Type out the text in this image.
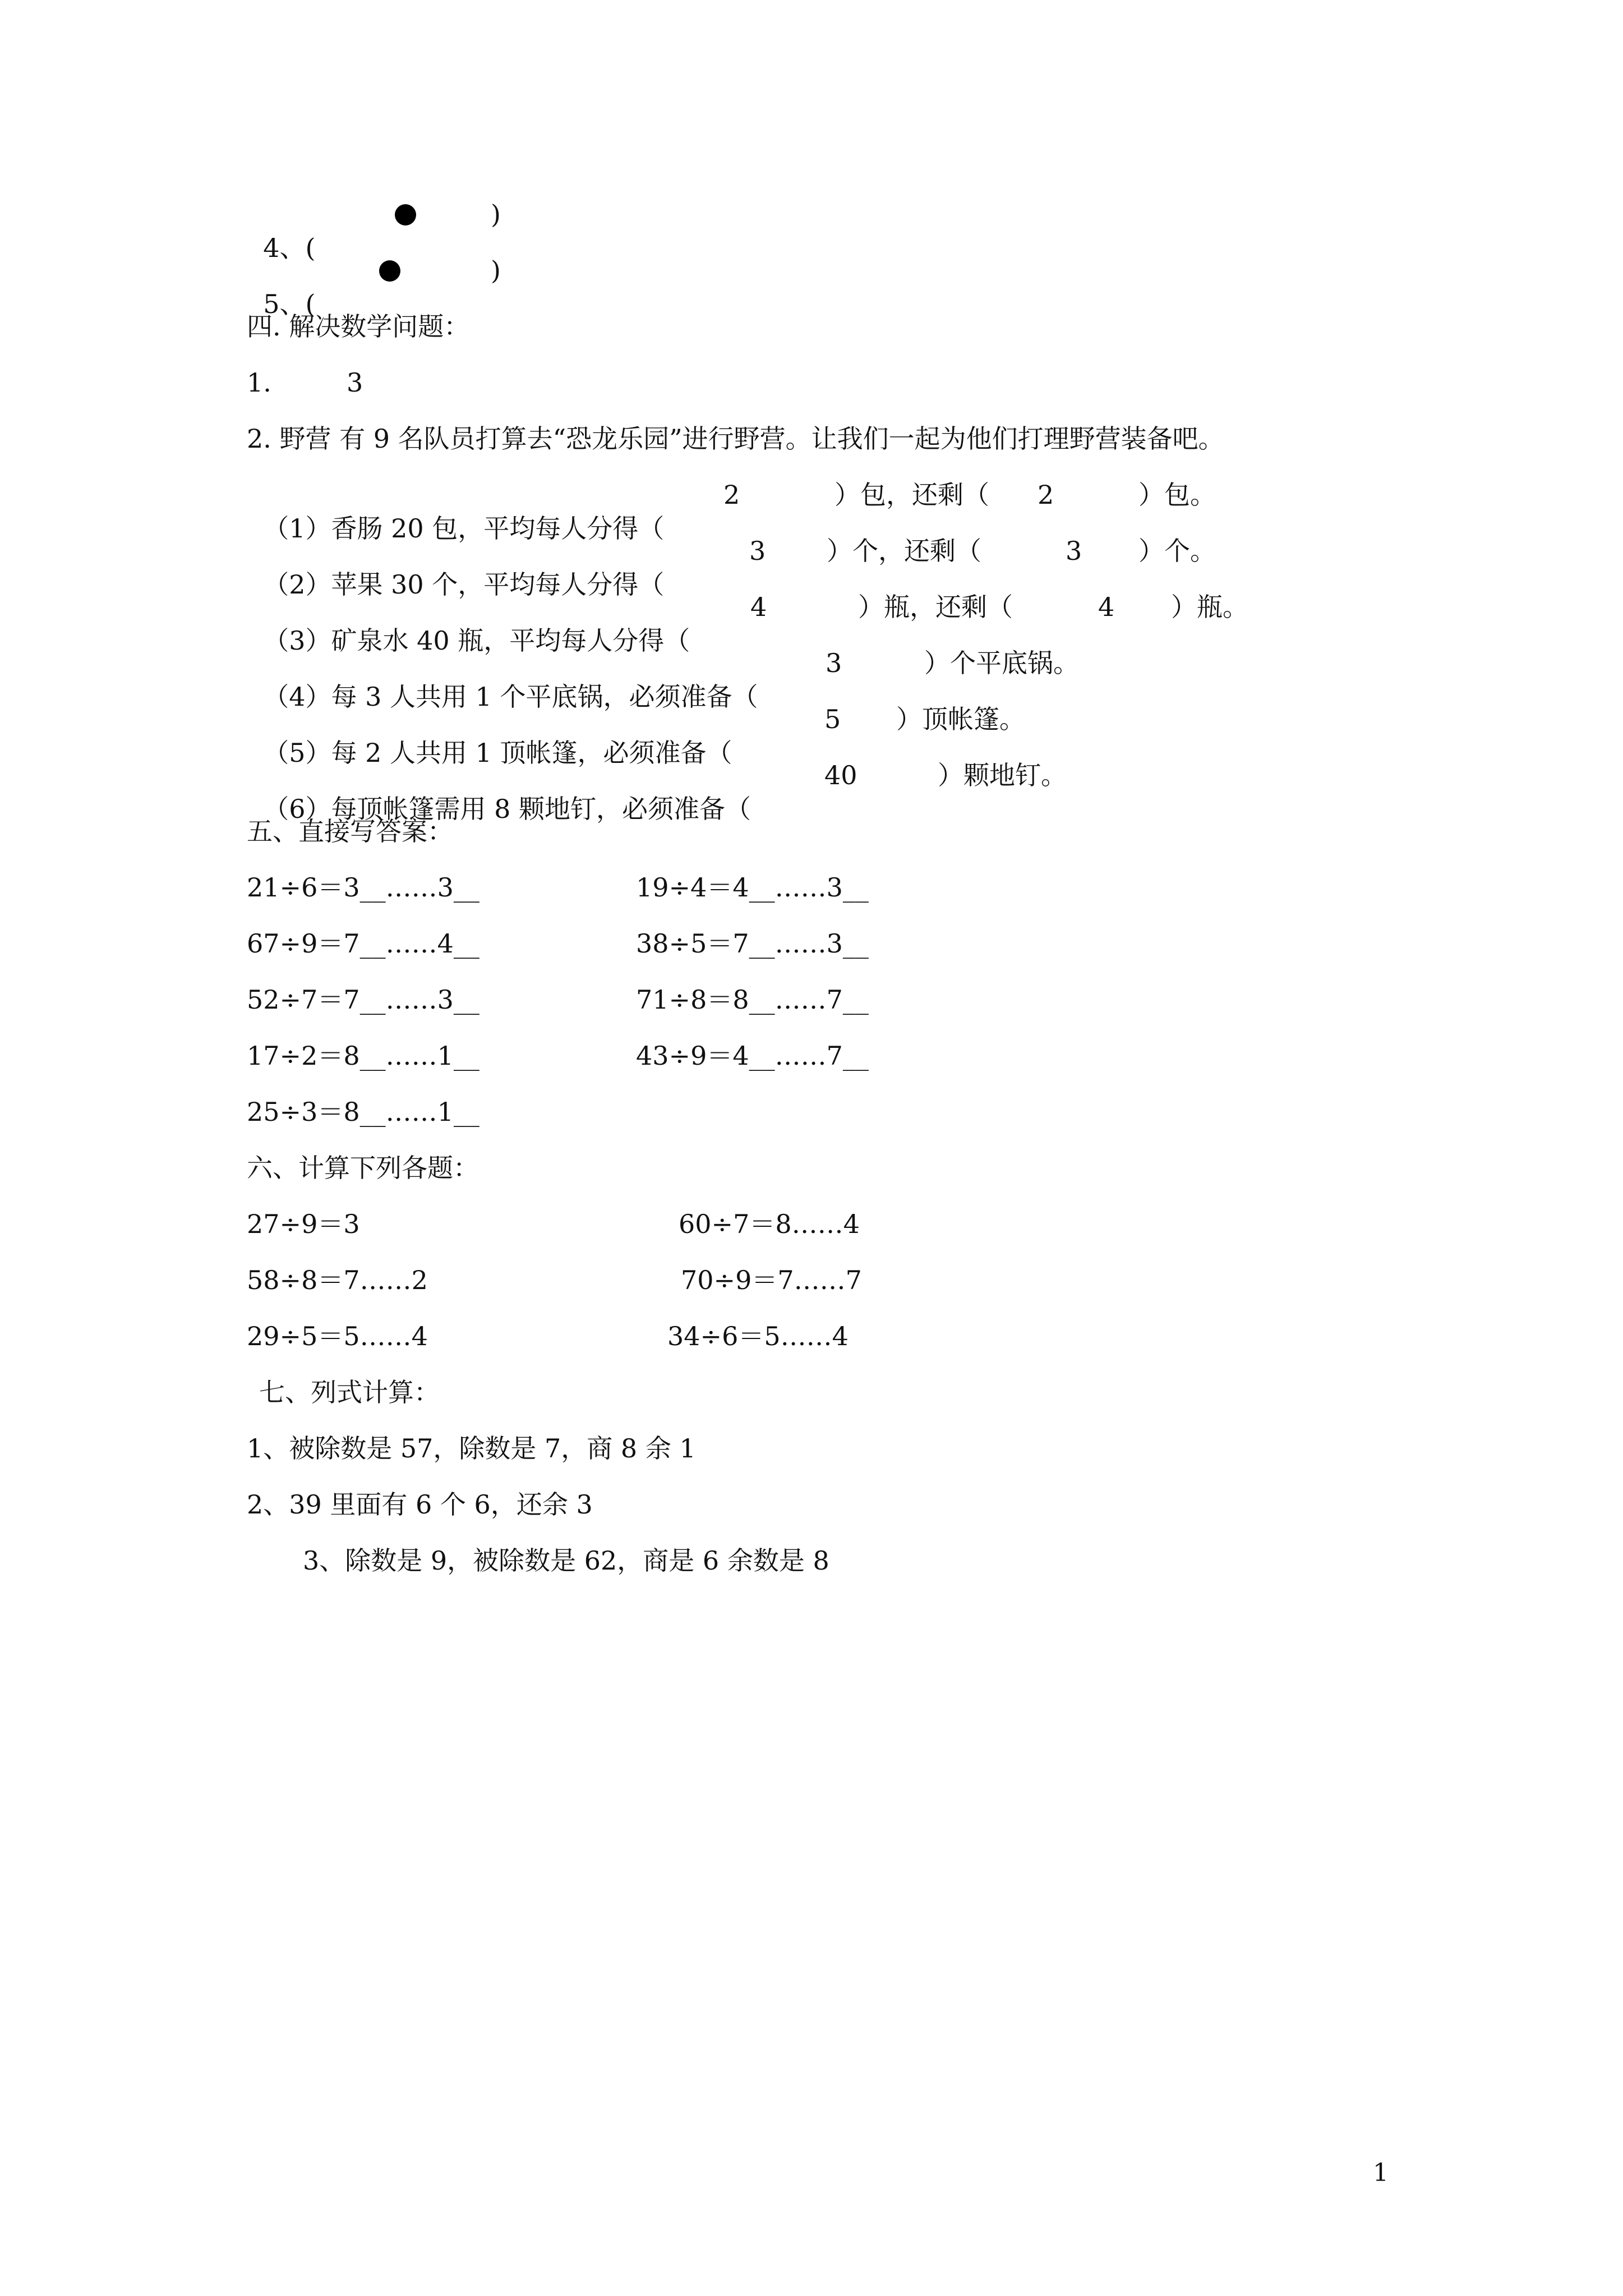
4、(

)

5、(

)
四. 解决数学问题：
1.	3
2. 野营 有 9 名队员打算去“恐龙乐园”进行野营。让我们一起为他们打理野营装备吧。

（1）香肠 20 包，平均每人分得（

2	）包，还剩（ 2	）包。

（2）苹果 30 个，平均每人分得（

3 ）个，还剩（	3 ）个。

（3）矿泉水 40 瓶，平均每人分得（

4	）瓶，还剩（	4 ）瓶。

（4）每 3 人共用 1 个平底锅，必须准备（

3	）个平底锅。

（5）每 2 人共用 1 顶帐篷，必须准备（

5 ）顶帐篷。

（6）每顶帐篷需用 8 颗地钉，必须准备（

40	）颗地钉。
五、直接写答案：
21÷6＝3__……3__	19÷4＝4__……3__
67÷9＝7__……4__	38÷5＝7__……3__
52÷7＝7__……3__	71÷8＝8__……7__
17÷2＝8__……1__	43÷9＝4__……7__
25÷3＝8__……1__
六、计算下列各题：
27÷9＝3	60÷7＝8……4
58÷8＝7……2	70÷9＝7……7
29÷5＝5……4	34÷6＝5……4
七、列式计算：
1、被除数是 57，除数是 7，商 8 余 1
2、39 里面有 6 个 6，还余 3
3、除数是 9，被除数是 62，商是 6 余数是 8
1
